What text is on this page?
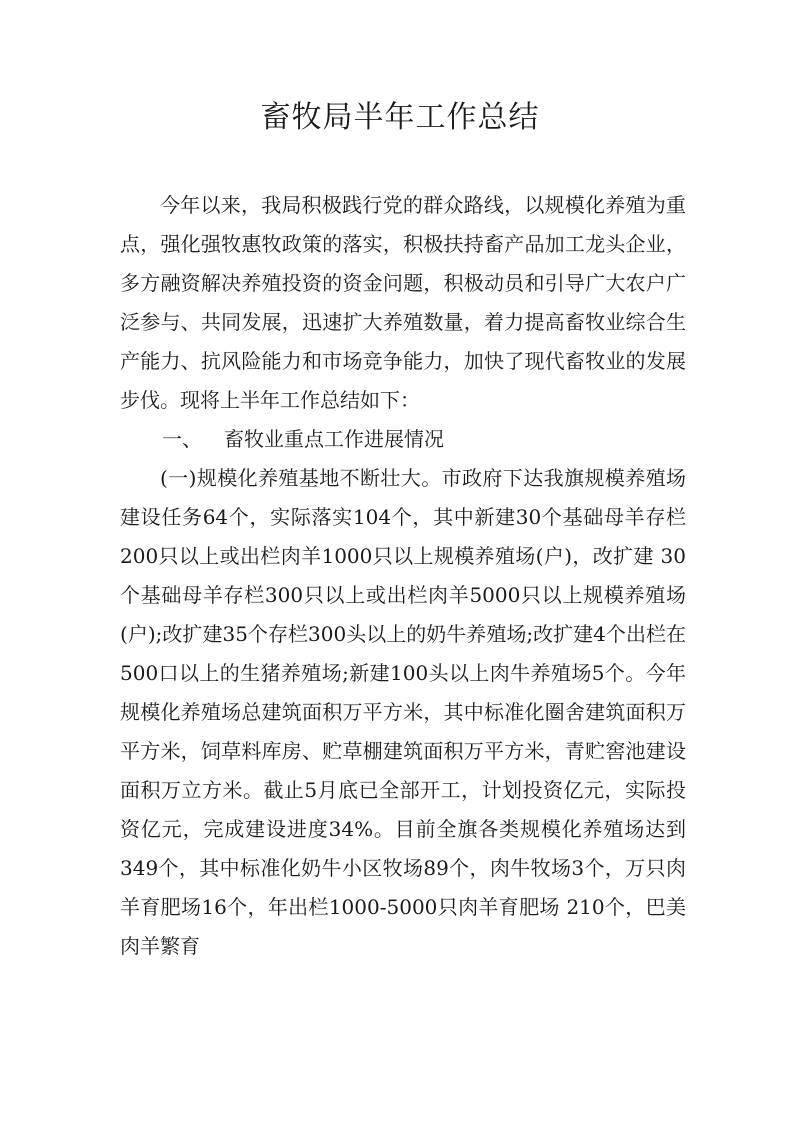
畜牧局半年工作总结

今年以来，我局积极践行党的群众路线，以规模化养殖为重点，强化强牧惠牧政策的落实，积极扶持畜产品加工龙头企业，多方融资解决养殖投资的资金问题，积极动员和引导广大农户广泛参与、共同发展，迅速扩大养殖数量，着力提高畜牧业综合生产能力、抗风险能力和市场竞争能力，加快了现代畜牧业的发展步伐。现将上半年工作总结如下：

一、 畜牧业重点工作进展情况

(一)规模化养殖基地不断壮大。市政府下达我旗规模养殖场建设任务64个，实际落实104个，其中新建30个基础母羊存栏200只以上或出栏肉羊1000只以上规模养殖场(户)，改扩建 30个基础母羊存栏300只以上或出栏肉羊5000只以上规模养殖场(户);改扩建35个存栏300头以上的奶牛养殖场;改扩建4个出栏在500口以上的生猪养殖场;新建100头以上肉牛养殖场5个。今年规模化养殖场总建筑面积万平方米，其中标准化圈舍建筑面积万平方米，饲草料库房、贮草棚建筑面积万平方米，青贮窖池建设面积万立方米。截止5月底已全部开工，计划投资亿元，实际投资亿元，完成建设进度34%。目前全旗各类规模化养殖场达到349个，其中标准化奶牛小区牧场89个，肉牛牧场3个，万只肉羊育肥场16个，年出栏1000-5000只肉羊育肥场 210个，巴美肉羊繁育
